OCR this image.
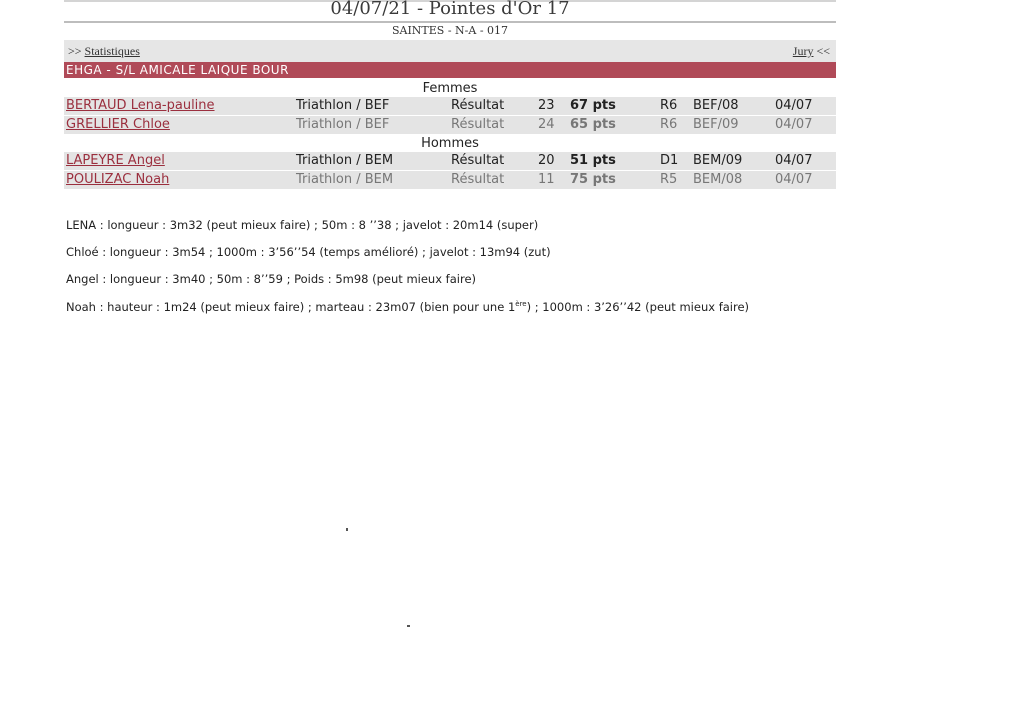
04/07/21 - Pointes d'Or 17
SAINTES - N-A - 017
>> Statistiques	Jury <<
EHGA - S/L AMICALE LAIQUE BOUR
Femmes
BERTAUD Lena-pauline	Triathlon / BEF	Résultat	23 67 pts	R6 BEF/08	04/07
GRELLIER Chloe	Triathlon / BEF	Résultat	24 65 pts	R6 BEF/09	04/07
Hommes
LAPEYRE Angel	Triathlon / BEM	Résultat	20 51 pts	D1 BEM/09	04/07
POULIZAC Noah	Triathlon / BEM	Résultat	11 75 pts	R5 BEM/08	04/07
LENA : longueur : 3m32 (peut mieux faire) ; 50m : 8 ’’38 ; javelot : 20m14 (super)
Chloé : longueur : 3m54 ; 1000m : 3’56’’54 (temps amélioré) ; javelot : 13m94 (zut)
Angel : longueur : 3m40 ; 50m : 8’’59 ; Poids : 5m98 (peut mieux faire)
Noah : hauteur : 1m24 (peut mieux faire) ; marteau : 23m07 (bien pour une 1ère) ; 1000m : 3’26’’42 (peut mieux faire)
